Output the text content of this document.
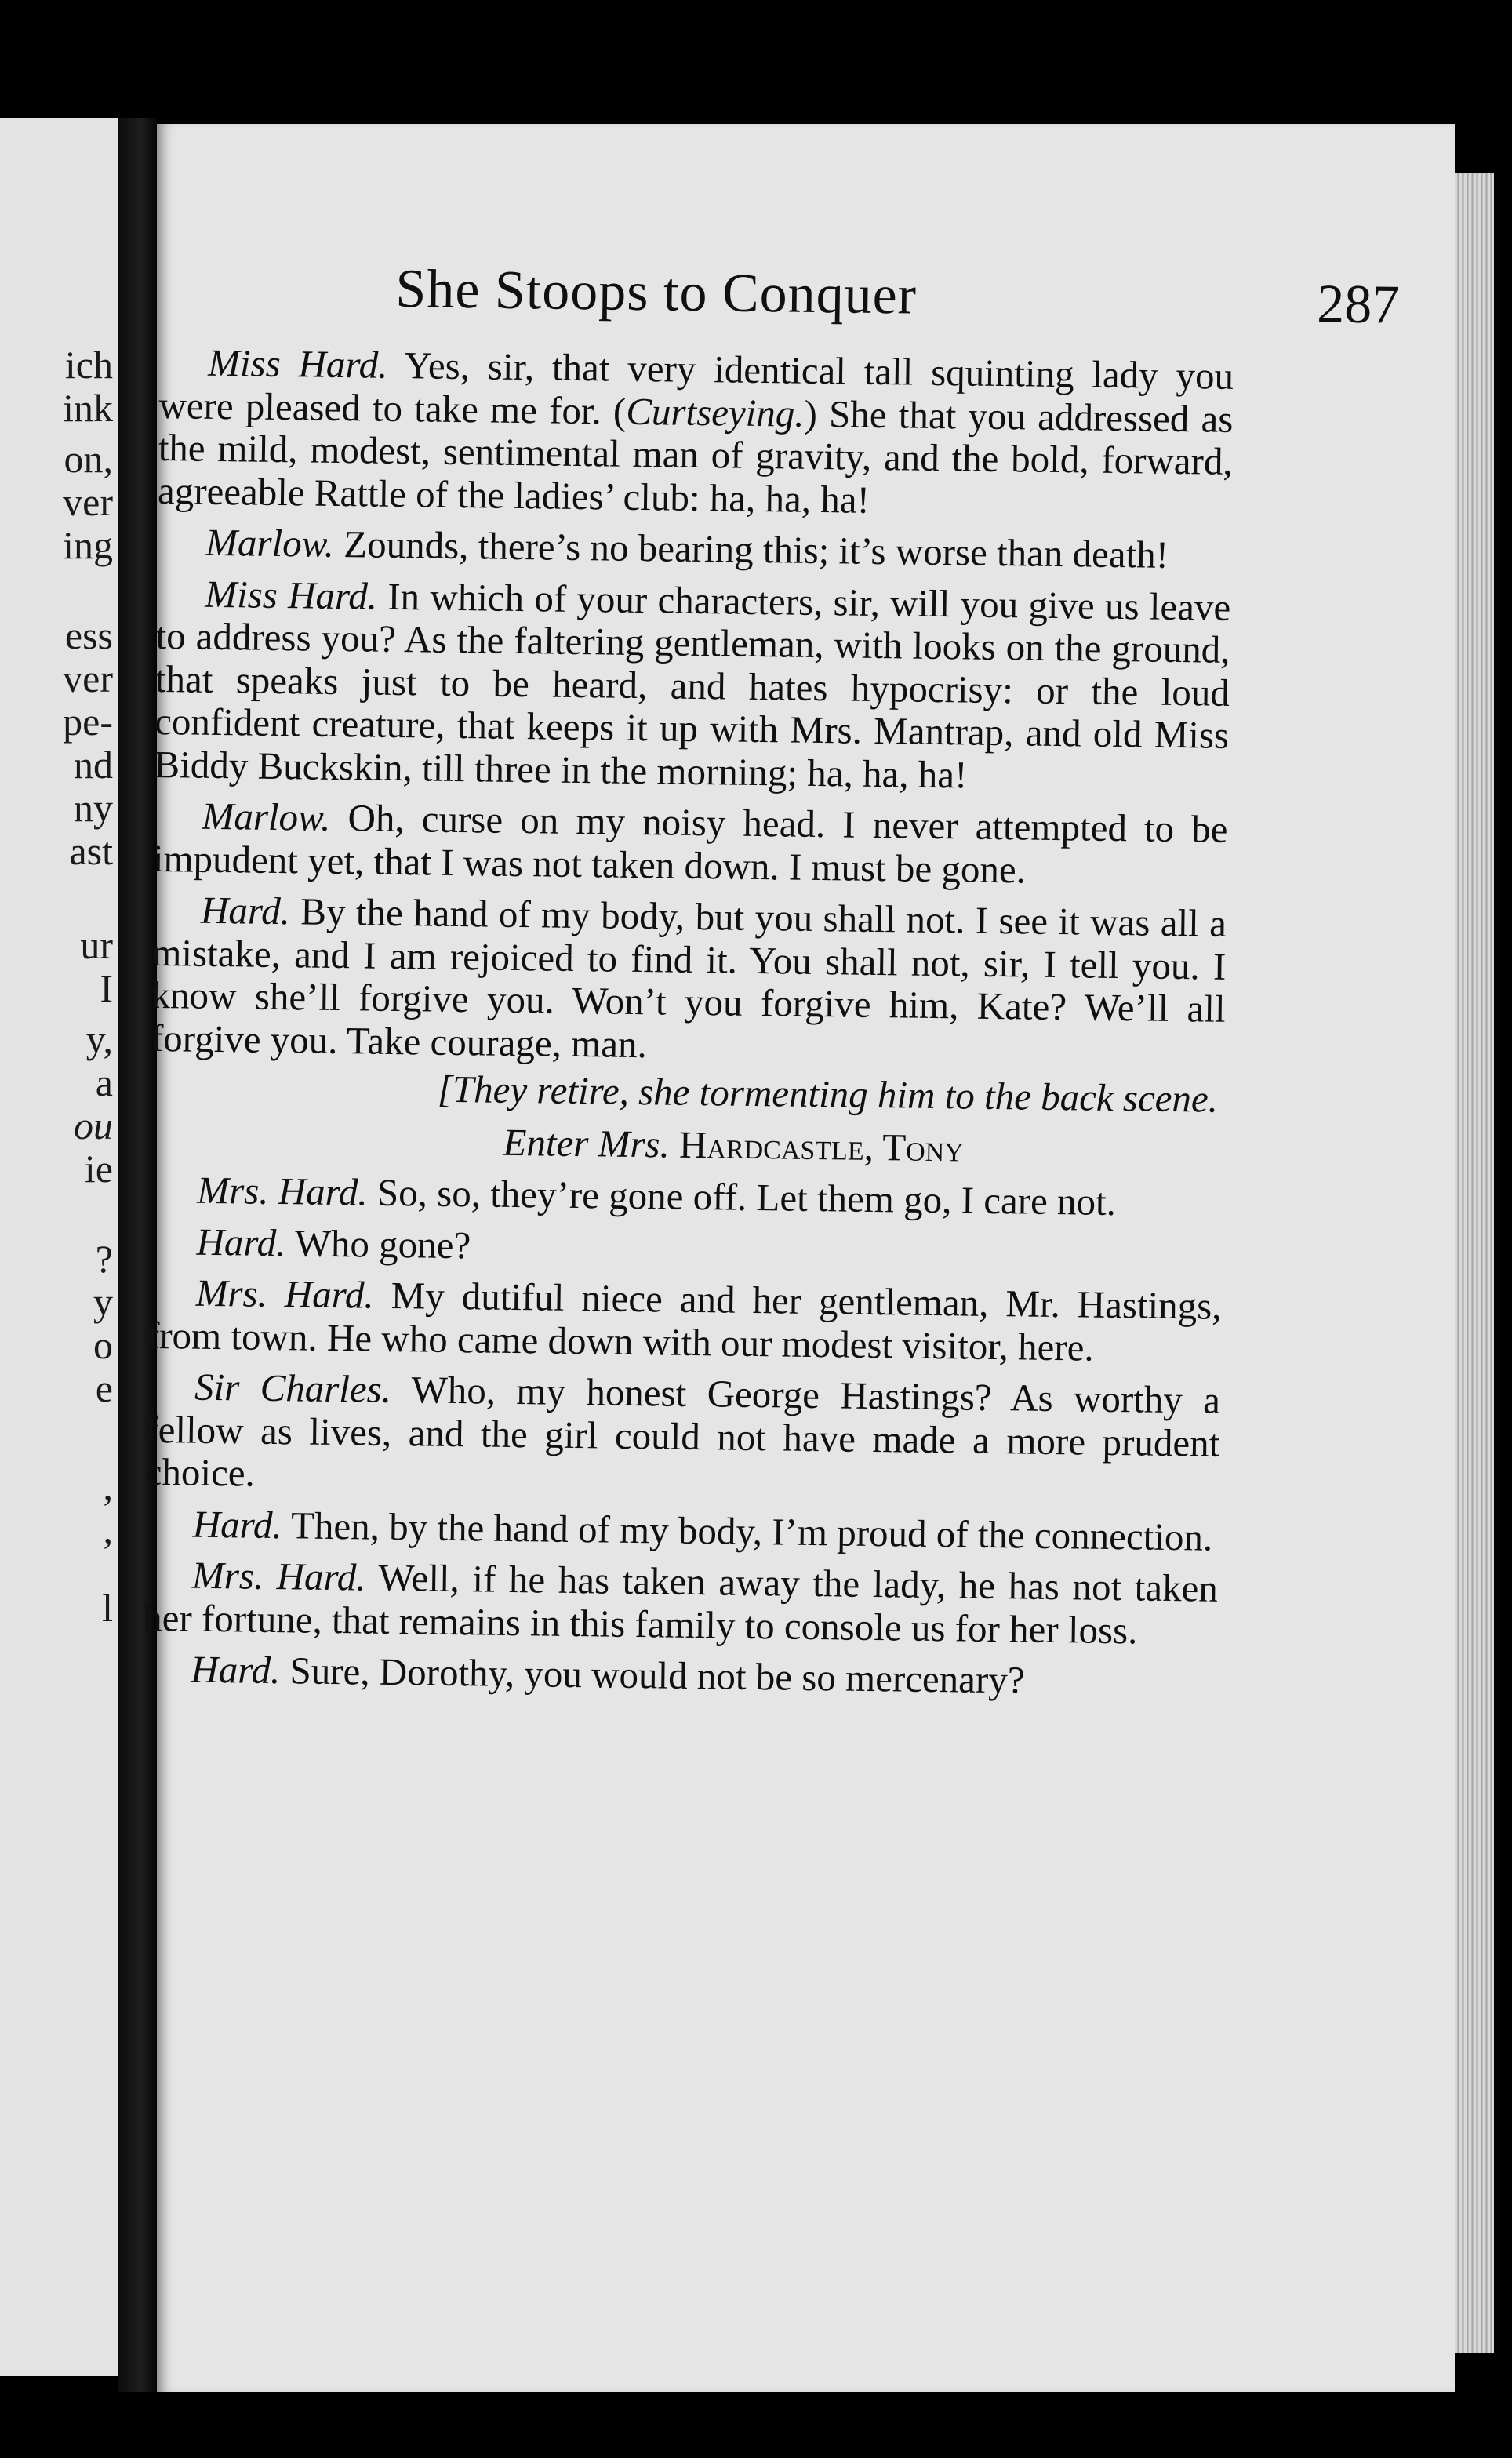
ich
ink
on,
ver
ing
ess
ver
pe-
nd
ny
ast
ur
I
y,
a
ou
ie
?
y
o
e
,
,
l
She Stoops to Conquer	287

Miss Hard. Yes, sir, that very identical tall squinting lady you were pleased to take me for. (Curtseying.) She that you addressed as the mild, modest, sentimental man of gravity, and the bold, forward, agreeable Rattle of the ladies’ club: ha, ha, ha!

Marlow. Zounds, there’s no bearing this; it’s worse than death!

Miss Hard. In which of your characters, sir, will you give us leave to address you? As the faltering gentleman, with looks on the ground, that speaks just to be heard, and hates hypocrisy: or the loud confident creature, that keeps it up with Mrs. Mantrap, and old Miss Biddy Buckskin, till three in the morning; ha, ha, ha!

Marlow. Oh, curse on my noisy head. I never attempted to be impudent yet, that I was not taken down. I must be gone.

Hard. By the hand of my body, but you shall not. I see it was all a mistake, and I am rejoiced to find it. You shall not, sir, I tell you. I know she’ll forgive you. Won’t you forgive him, Kate? We’ll all forgive you. Take courage, man.

[They retire, she tormenting him to the back scene.
Enter Mrs. Hardcastle, Tony

Mrs. Hard. So, so, they’re gone off. Let them go, I care not.

Hard. Who gone?

Mrs. Hard. My dutiful niece and her gentleman, Mr. Hastings, from town. He who came down with our modest visitor, here.

Sir Charles. Who, my honest George Hastings? As worthy a fellow as lives, and the girl could not have made a more prudent choice.

Hard. Then, by the hand of my body, I’m proud of the connection.

Mrs. Hard. Well, if he has taken away the lady, he has not taken her fortune, that remains in this family to console us for her loss.

Hard. Sure, Dorothy, you would not be so mercenary?
